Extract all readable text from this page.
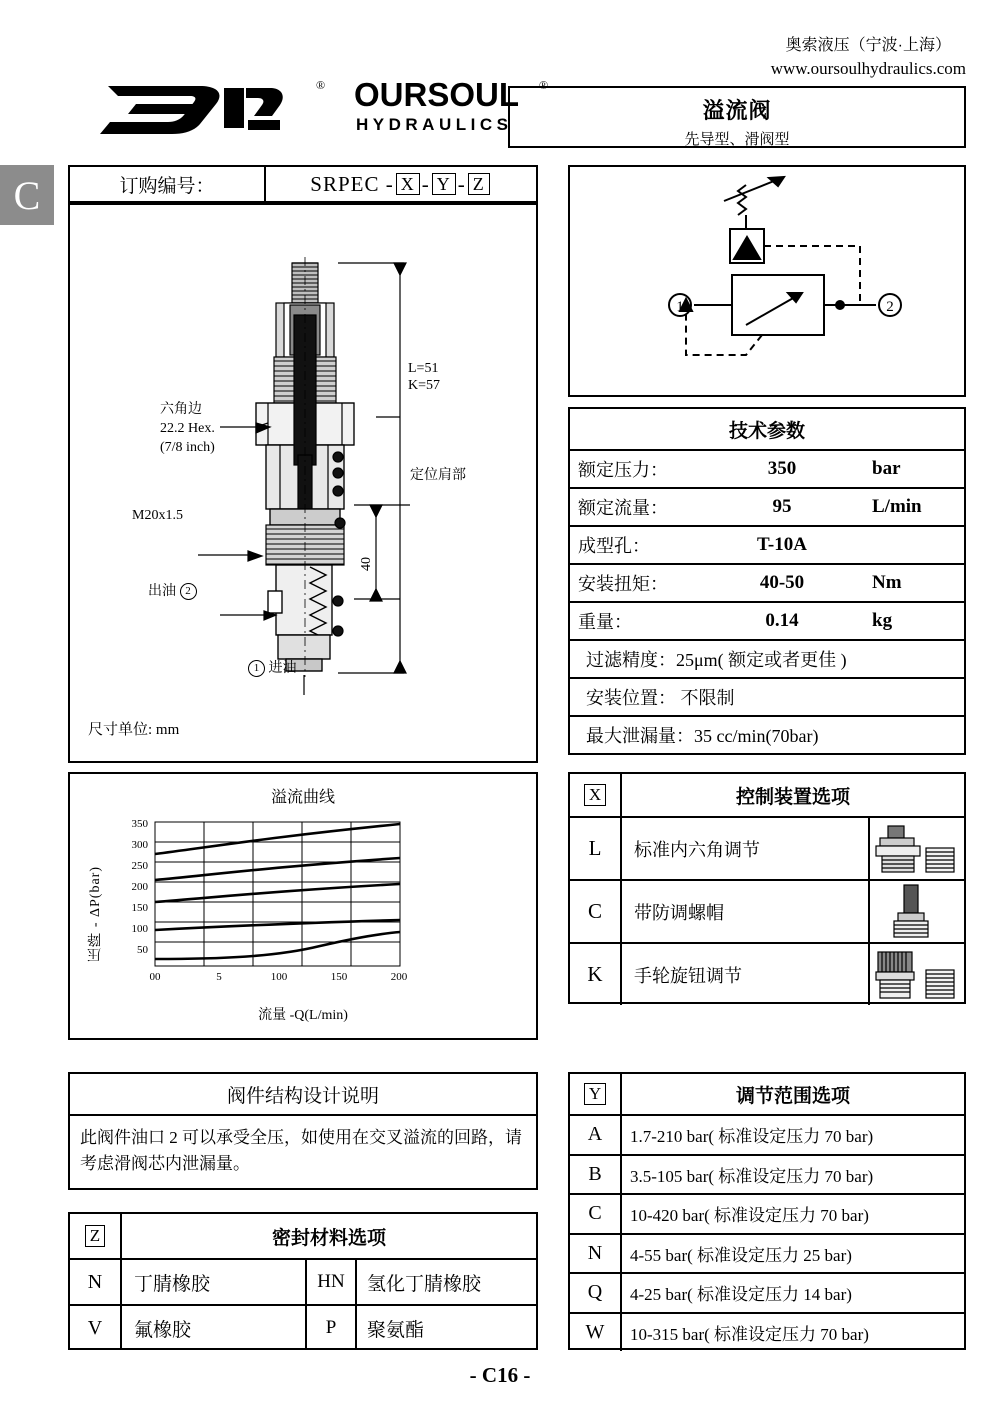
奥索液压（宁波·上海）
www.oursoulhydraulics.com
® OURSOUL ®
HYDRAULICS
溢流阀
先导型、滑阀型
C	订购编号：	SRPEC - X - Y - Z
六角边
22.2 Hex.
(7/8 inch)
M20x1.5
出油 2
1 进油
L=51
K=57
定位肩部
40
尺寸单位: mm
1	2
技术参数
额定压力：	350	bar
额定流量：	95	L/min
成型孔：	T-10A
安装扭矩：	40-50	Nm
重量：	0.14	kg
过滤精度：25μm( 额定或者更佳 )
安装位置： 不限制
最大泄漏量：35 cc/min(70bar)
溢流曲线
压降 - ΔP(bar)
流量 -Q(L/min)
350
300
250
200
150
100
50
00	5	100	150	200
X	控制装置选项
L	标准内六角调节
C	带防调螺帽
K	手轮旋钮调节
阀件结构设计说明
此阀件油口 2 可以承受全压，如使用在交叉溢流的回路，请考虑滑阀芯内泄漏量。
Y	调节范围选项
A	1.7-210 bar( 标准设定压力 70 bar)
B	3.5-105 bar( 标准设定压力 70 bar)
C	10-420 bar( 标准设定压力 70 bar)
N	4-55 bar( 标准设定压力 25 bar)
Q	4-25 bar( 标准设定压力 14 bar)
W	10-315 bar( 标准设定压力 70 bar)
Z	密封材料选项
N	丁腈橡胶	HN	氢化丁腈橡胶
V	氟橡胶	P	聚氨酯
- C16 -
